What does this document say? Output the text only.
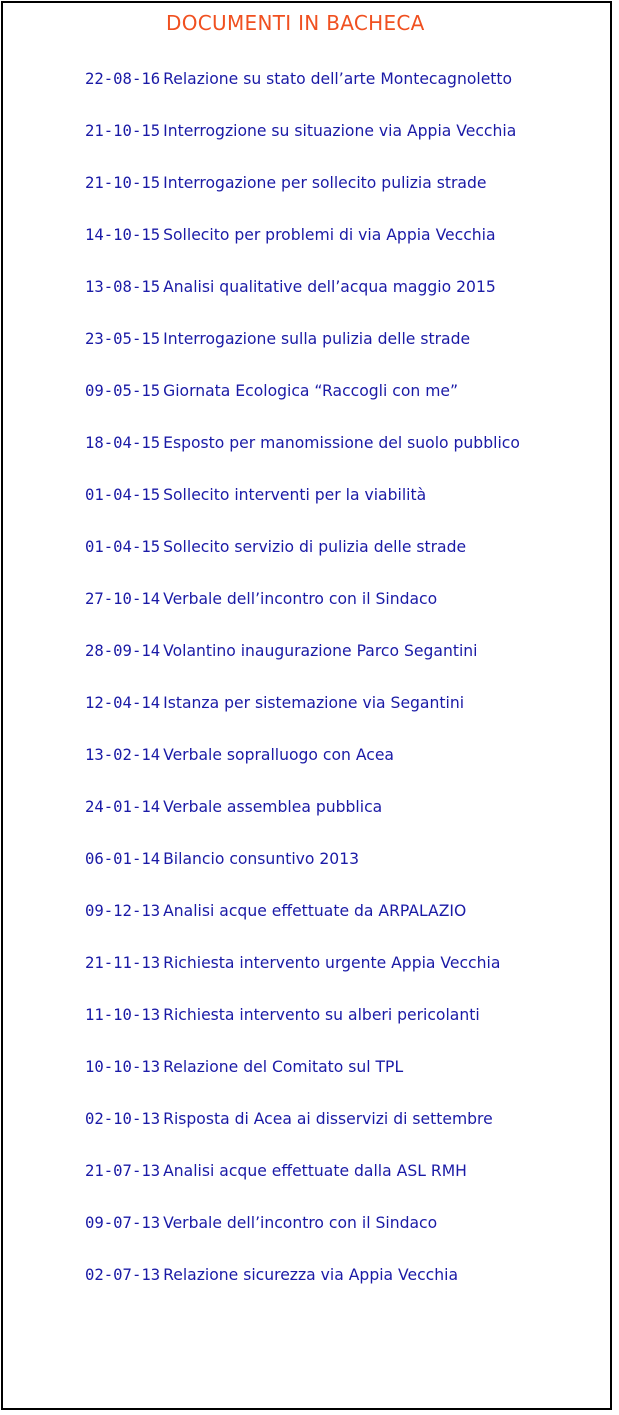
DOCUMENTI IN BACHECA
22-08-16 Relazione su stato dell’arte Montecagnoletto
21-10-15 Interrogzione su situazione via Appia Vecchia
21-10-15 Interrogazione per sollecito pulizia strade
14-10-15 Sollecito per problemi di via Appia Vecchia
13-08-15 Analisi qualitative dell’acqua maggio 2015
23-05-15 Interrogazione sulla pulizia delle strade
09-05-15 Giornata Ecologica “Raccogli con me”
18-04-15 Esposto per manomissione del suolo pubblico
01-04-15 Sollecito interventi per la viabilità
01-04-15 Sollecito servizio di pulizia delle strade
27-10-14 Verbale dell’incontro con il Sindaco
28-09-14 Volantino inaugurazione Parco Segantini
12-04-14 Istanza per sistemazione via Segantini
13-02-14 Verbale sopralluogo con Acea
24-01-14 Verbale assemblea pubblica
06-01-14 Bilancio consuntivo 2013
09-12-13 Analisi acque effettuate da ARPALAZIO
21-11-13 Richiesta intervento urgente Appia Vecchia
11-10-13 Richiesta intervento su alberi pericolanti
10-10-13 Relazione del Comitato sul TPL
02-10-13 Risposta di Acea ai disservizi di settembre
21-07-13 Analisi acque effettuate dalla ASL RMH
09-07-13 Verbale dell’incontro con il Sindaco
02-07-13 Relazione sicurezza via Appia Vecchia
